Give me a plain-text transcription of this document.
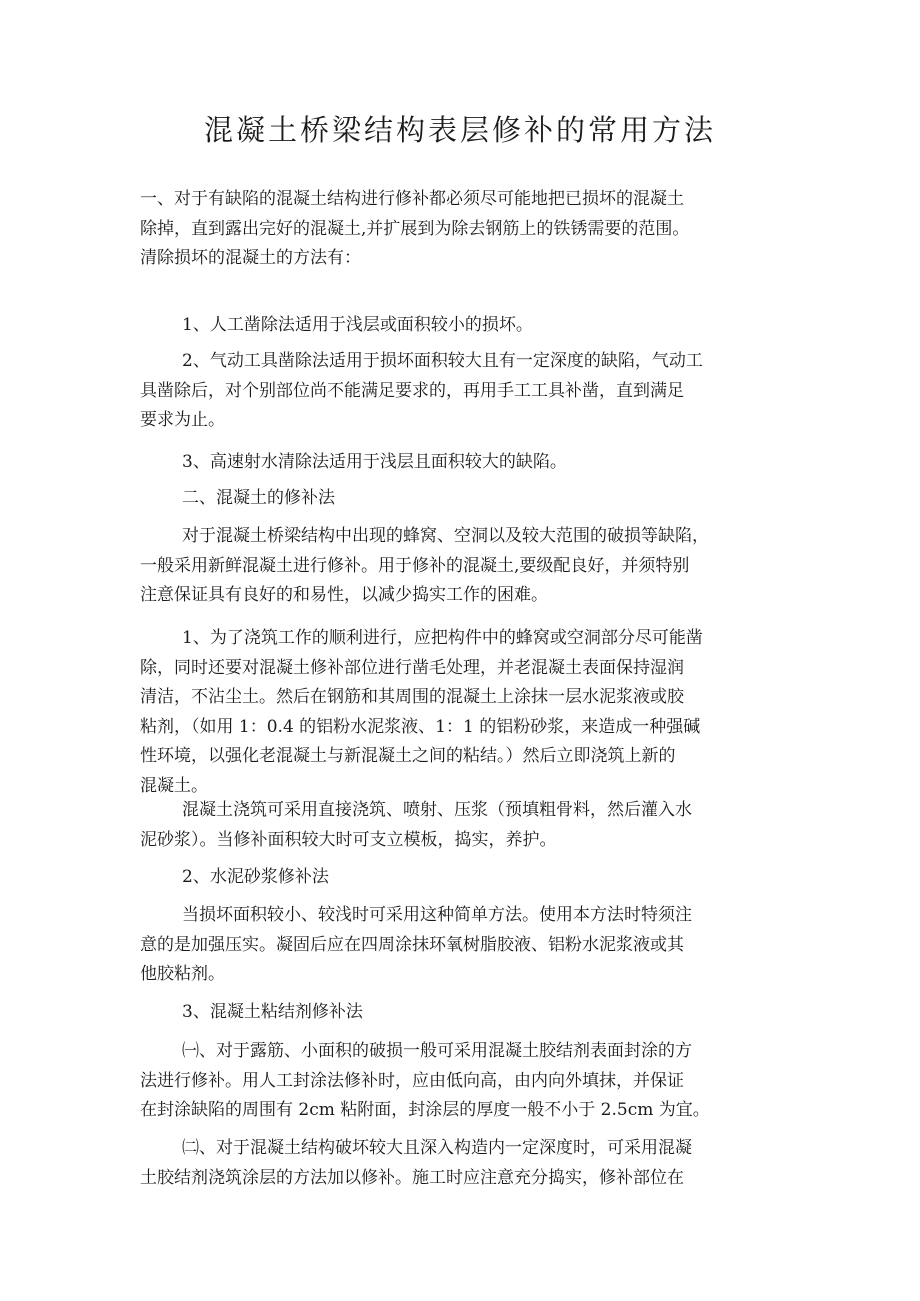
混凝土桥梁结构表层修补的常用方法

一、对于有缺陷的混凝土结构进行修补都必须尽可能地把已损坏的混凝土
除掉，直到露出完好的混凝土,并扩展到为除去钢筋上的铁锈需要的范围。
清除损坏的混凝土的方法有：

1、人工凿除法适用于浅层或面积较小的损坏。

2、气动工具凿除法适用于损坏面积较大且有一定深度的缺陷，气动工
具凿除后，对个别部位尚不能满足要求的，再用手工工具补凿，直到满足
要求为止。

3、高速射水清除法适用于浅层且面积较大的缺陷。

二、混凝土的修补法

对于混凝土桥梁结构中出现的蜂窝、空洞以及较大范围的破损等缺陷，
一般采用新鲜混凝土进行修补。用于修补的混凝土,要级配良好，并须特别
注意保证具有良好的和易性，以减少捣实工作的困难。

1、为了浇筑工作的顺利进行，应把构件中的蜂窝或空洞部分尽可能凿
除，同时还要对混凝土修补部位进行凿毛处理，并老混凝土表面保持湿润
清洁，不沾尘土。然后在钢筋和其周围的混凝土上涂抹一层水泥浆液或胶
粘剂，（如用 1：0.4 的铝粉水泥浆液、1：1 的铝粉砂浆，来造成一种强碱
性环境，以强化老混凝土与新混凝土之间的粘结。）然后立即浇筑上新的
混凝土。

混凝土浇筑可采用直接浇筑、喷射、压浆（预填粗骨料，然后灌入水
泥砂浆）。当修补面积较大时可支立模板，捣实，养护。

2、水泥砂浆修补法

当损坏面积较小、较浅时可采用这种简单方法。使用本方法时特须注
意的是加强压实。凝固后应在四周涂抹环氧树脂胶液、铝粉水泥浆液或其
他胶粘剂。

3、混凝土粘结剂修补法

㈠、对于露筋、小面积的破损一般可采用混凝土胶结剂表面封涂的方
法进行修补。用人工封涂法修补时，应由低向高，由内向外填抹，并保证
在封涂缺陷的周围有 2cm 粘附面，封涂层的厚度一般不小于 2.5cm 为宜。

㈡、对于混凝土结构破坏较大且深入构造内一定深度时，可采用混凝
土胶结剂浇筑涂层的方法加以修补。施工时应注意充分捣实，修补部位在
